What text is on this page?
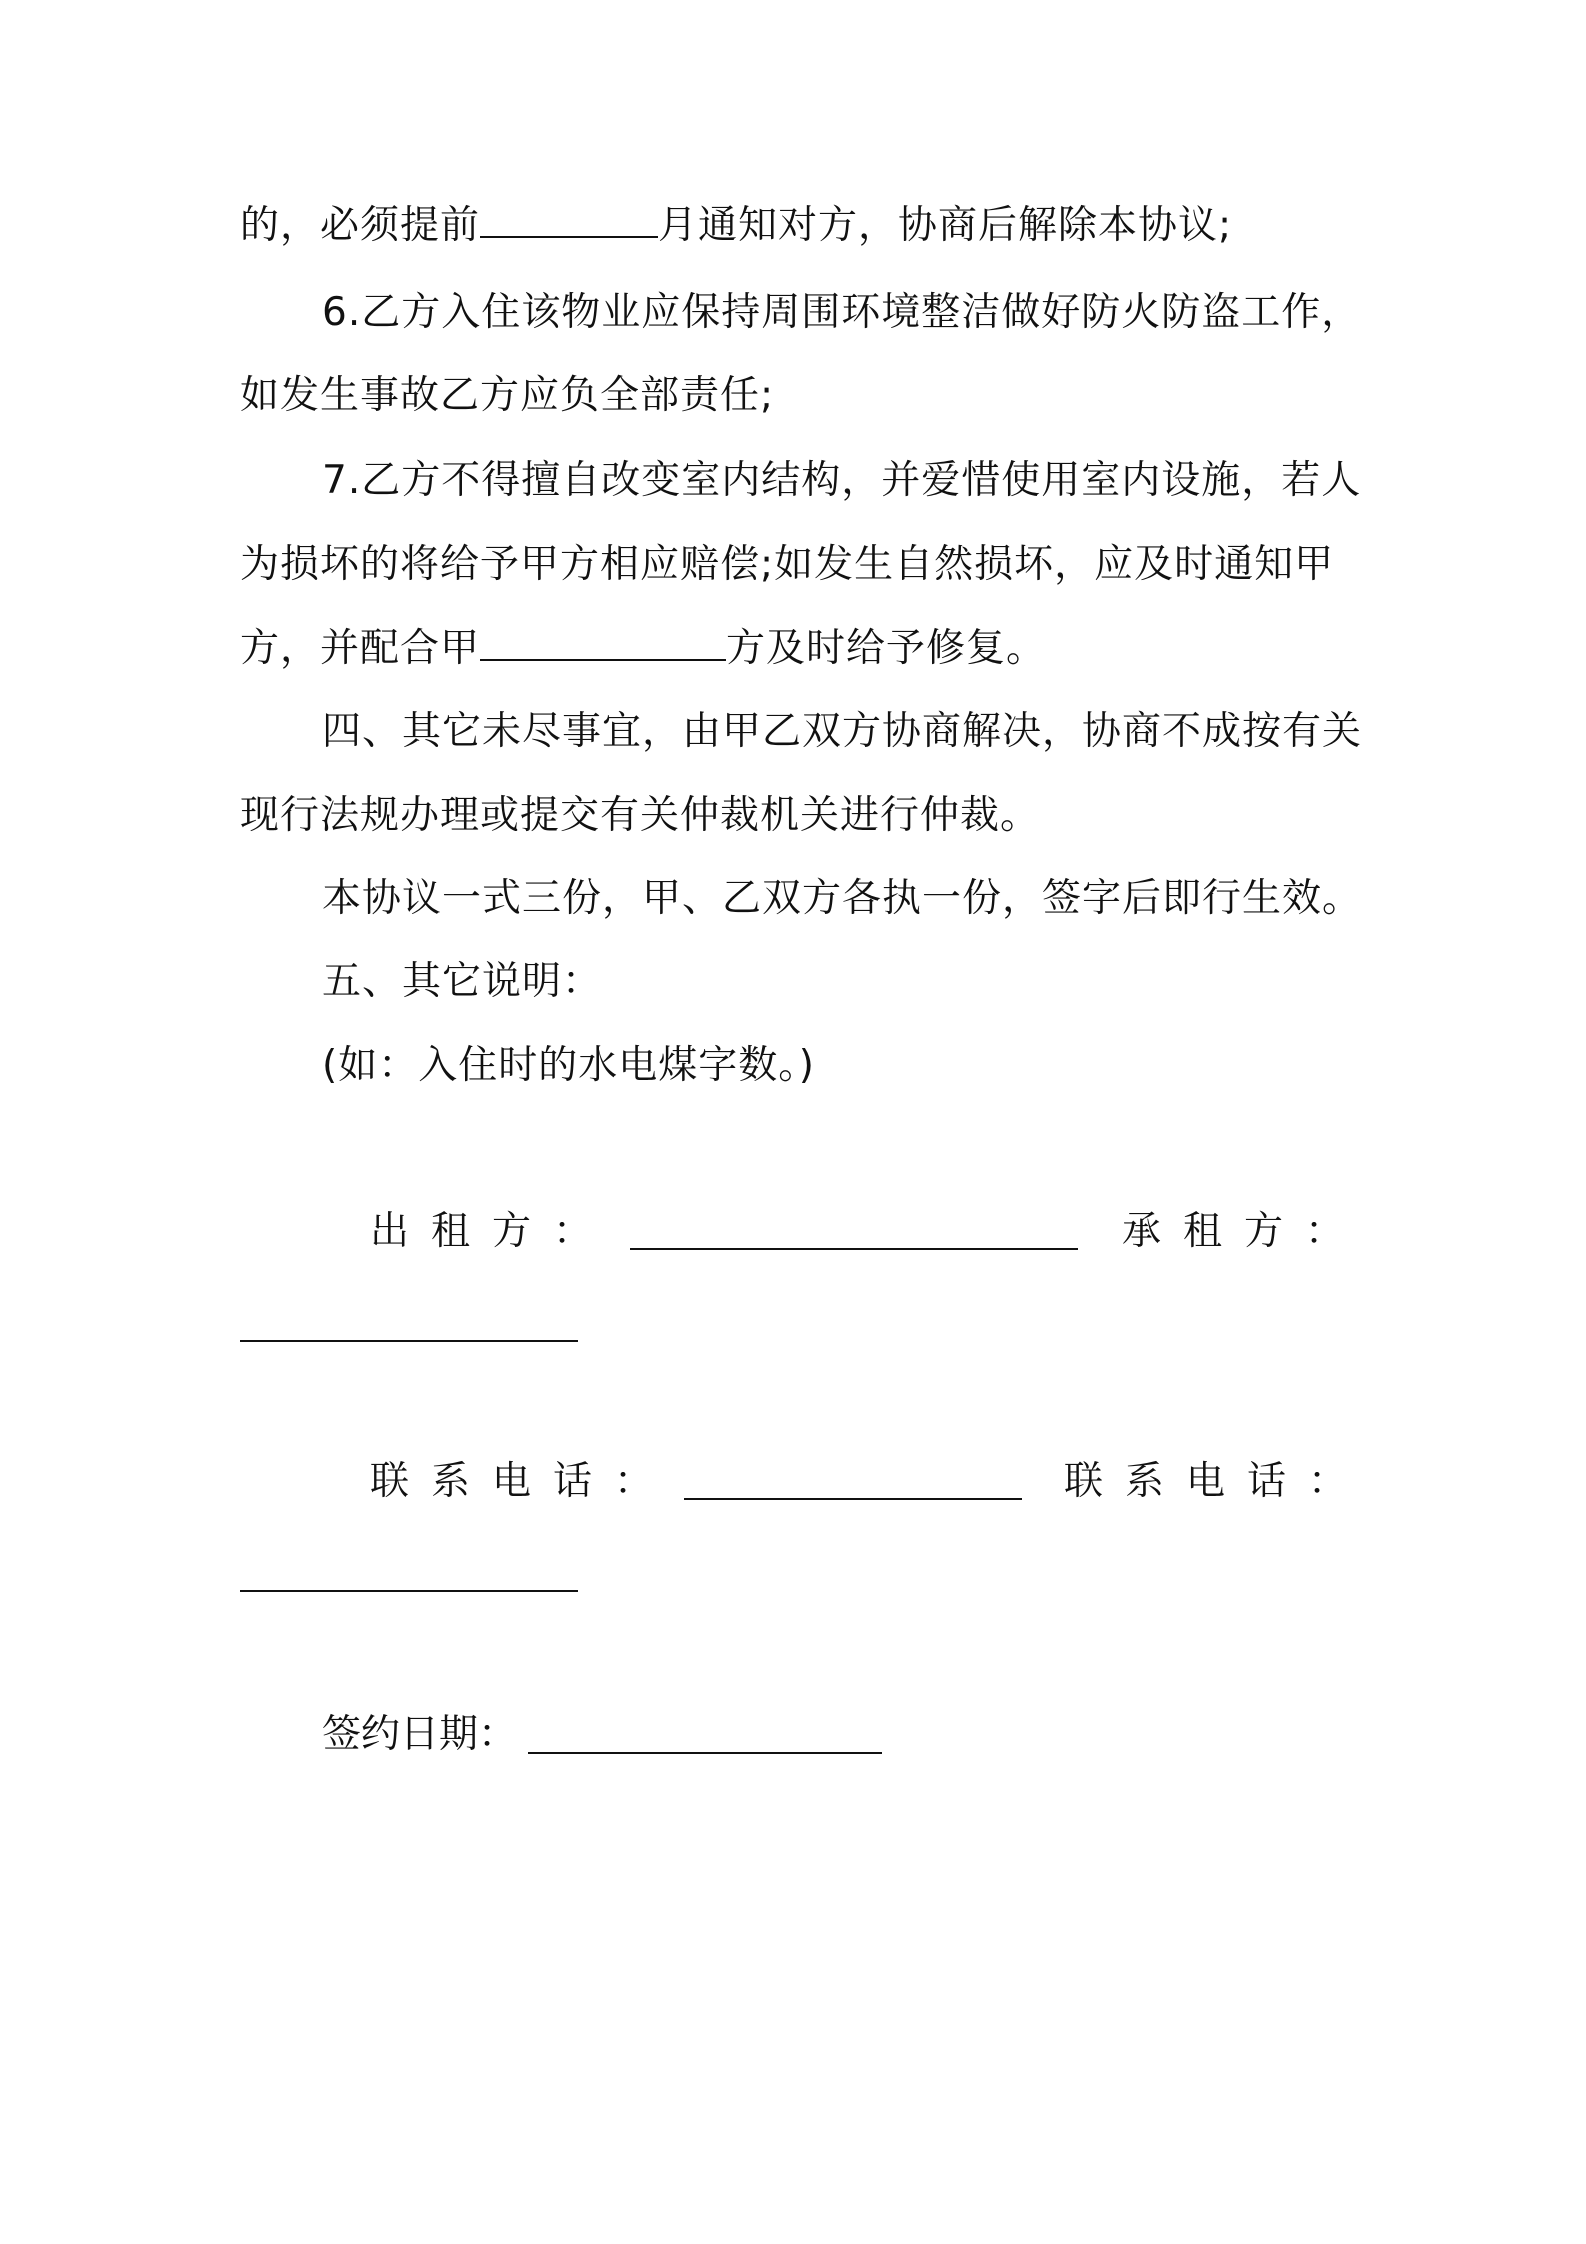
的，必须提前	月通知对方，协商后解除本协议;
6.乙方入住该物业应保持周围环境整洁做好防火防盗工作，
如发生事故乙方应负全部责任;
7.乙方不得擅自改变室内结构，并爱惜使用室内设施，若人
为损坏的将给予甲方相应赔偿;如发生自然损坏，应及时通知甲
方，并配合甲	方及时给予修复。
四、其它未尽事宜，由甲乙双方协商解决，协商不成按有关
现行法规办理或提交有关仲裁机关进行仲裁。
本协议一式三份，甲、乙双方各执一份，签字后即行生效。
五、其它说明：
(如：入住时的水电煤字数。)
出租方：	承租方：
联系电话：	联系电话：
签约日期：
